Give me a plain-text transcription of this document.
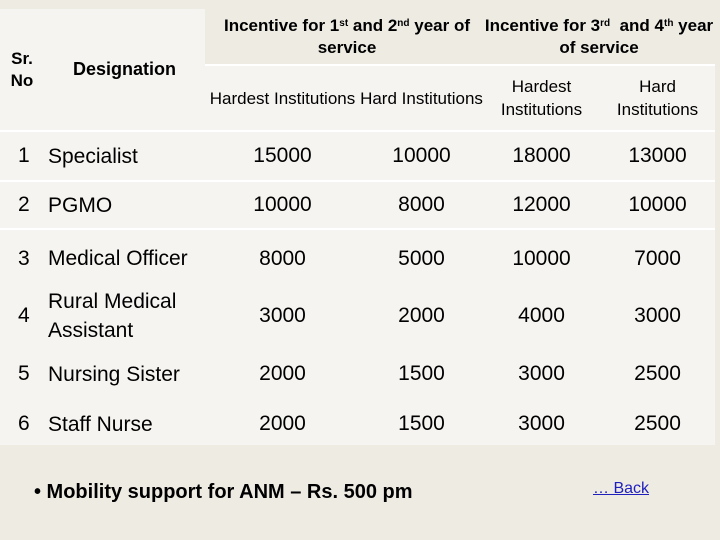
Sr. No	Designation	Incentive for 1st and 2nd year of service		Incentive for 3rd  and 4th year of service	
		Hardest Institutions	Hard Institutions	Hardest Institutions	Hard Institutions
1	Specialist	15000	10000	18000	13000
2	PGMO	10000	8000	12000	10000
3	Medical Officer	8000	5000	10000	7000
4	Rural Medical Assistant	3000	2000	4000	3000
5	Nursing Sister	2000	1500	3000	2500
6	Staff Nurse	2000	1500	3000	2500
• Mobility support for ANM – Rs. 500 pm	… Back
